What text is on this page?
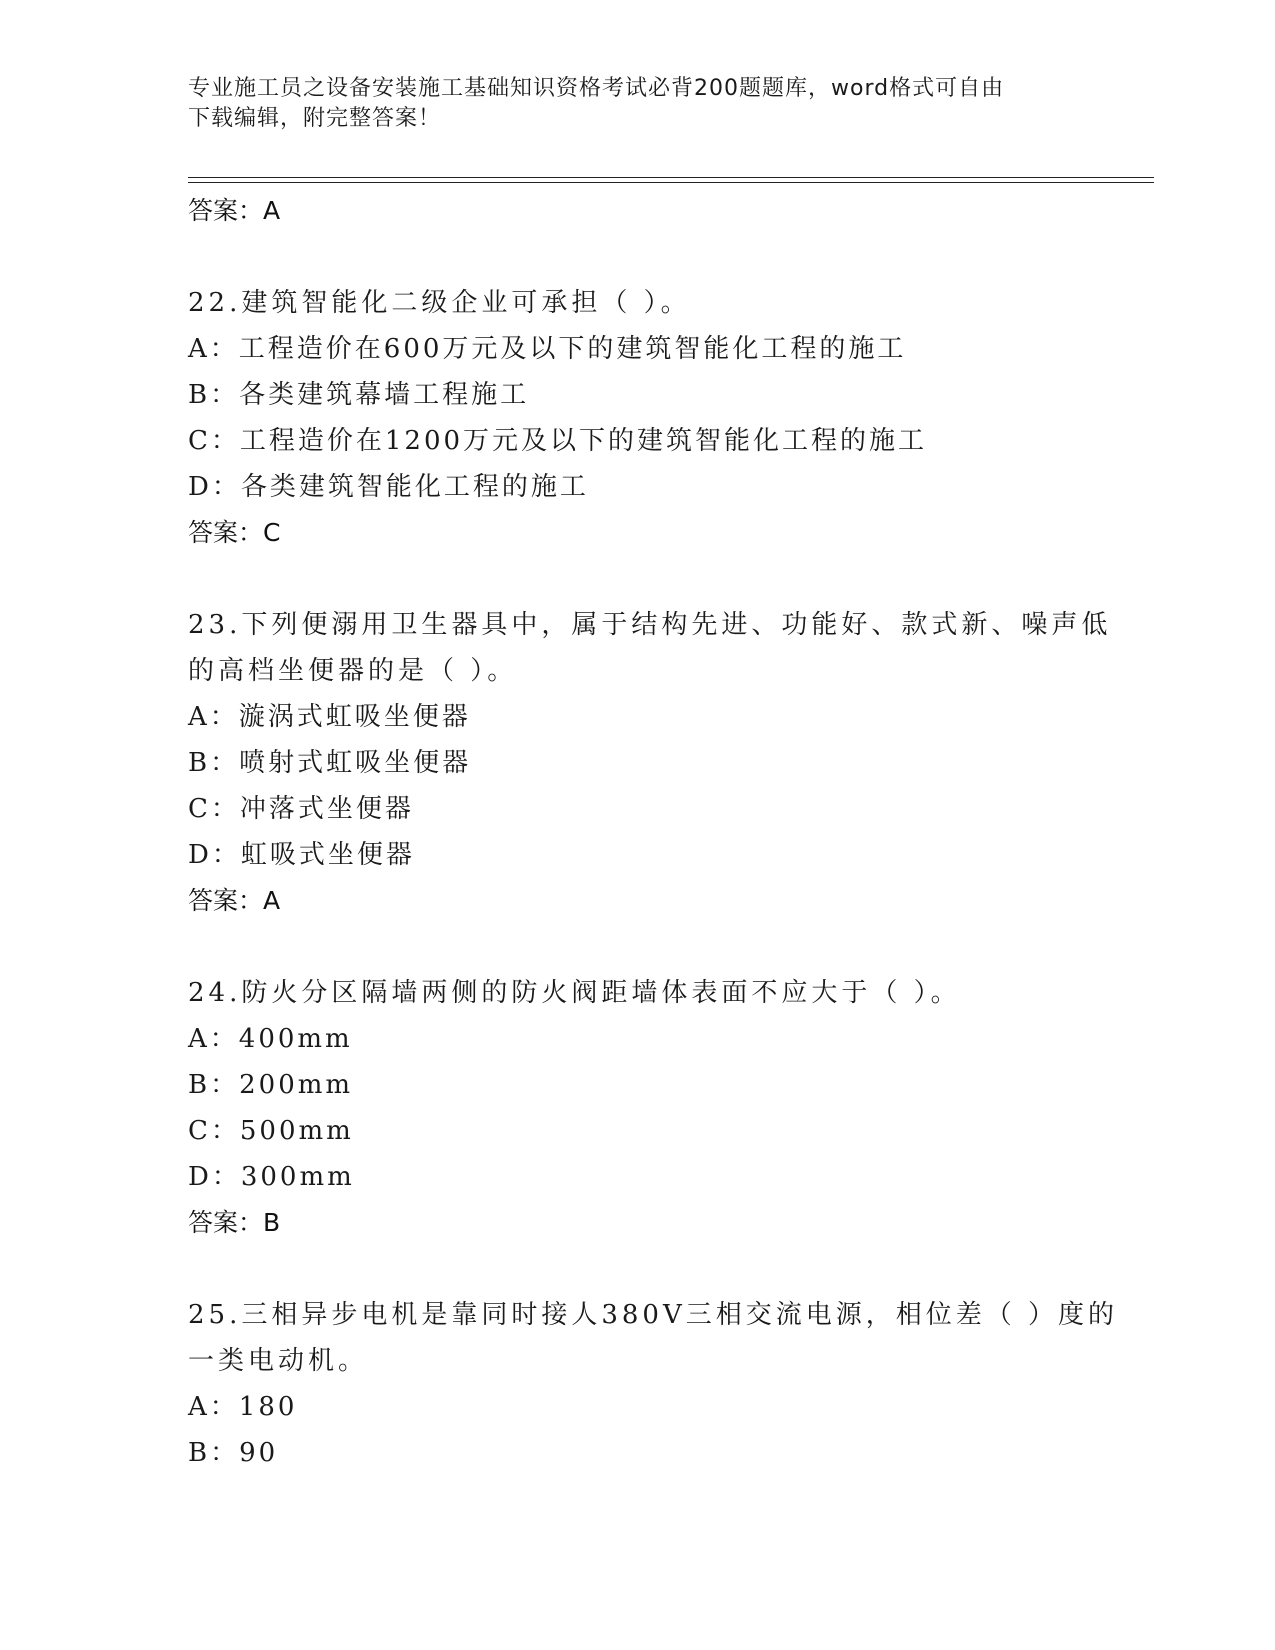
专业施工员之设备安装施工基础知识资格考试必背200题题库，word格式可自由
下载编辑，附完整答案！
答案：A
22.建筑智能化二级企业可承担（ ）。
A：工程造价在600万元及以下的建筑智能化工程的施工
B：各类建筑幕墙工程施工
C：工程造价在1200万元及以下的建筑智能化工程的施工
D：各类建筑智能化工程的施工
答案：C
23.下列便溺用卫生器具中，属于结构先进、功能好、款式新、噪声低
的高档坐便器的是（ ）。
A：漩涡式虹吸坐便器
B：喷射式虹吸坐便器
C：冲落式坐便器
D：虹吸式坐便器
答案：A
24.防火分区隔墙两侧的防火阀距墙体表面不应大于（ ）。
A：400mm
B：200mm
C：500mm
D：300mm
答案：B
25.三相异步电机是靠同时接人380V三相交流电源，相位差（ ）度的
一类电动机。
A：180
B：90
